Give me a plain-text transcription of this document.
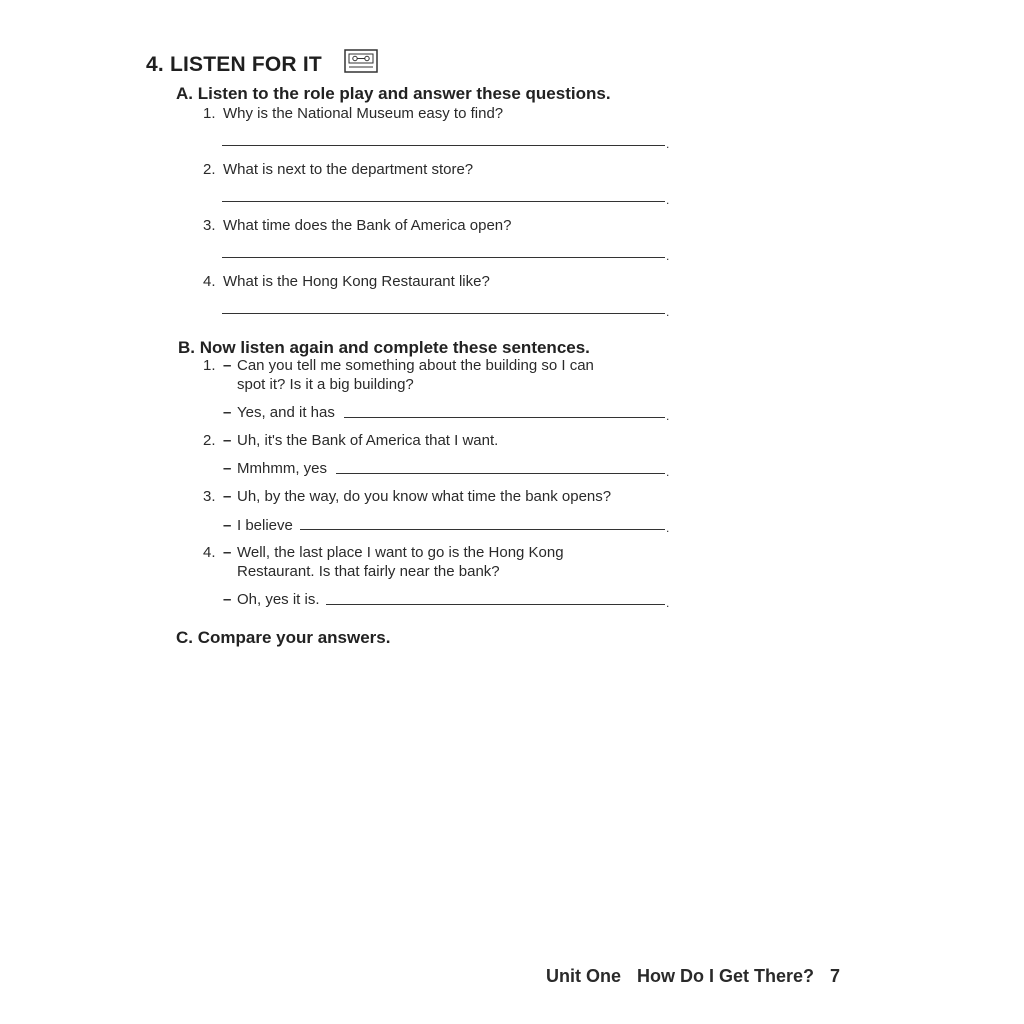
4. LISTEN FOR IT
A. Listen to the role play and answer these questions.
1. Why is the National Museum easy to find?
.
2. What is next to the department store?
.
3. What time does the Bank of America open?
.
4. What is the Hong Kong Restaurant like?
.
B. Now listen again and complete these sentences.
1. – Can you tell me something about the building so I can
spot it? Is it a big building?
– Yes, and it has	.
2. – Uh, it's the Bank of America that I want.
– Mmhmm, yes	.
3. – Uh, by the way, do you know what time the bank opens?
– I believe	.
4. – Well, the last place I want to go is the Hong Kong
Restaurant. Is that fairly near the bank?
– Oh, yes it is.	.
C. Compare your answers.
Unit One How Do I Get There? 7
